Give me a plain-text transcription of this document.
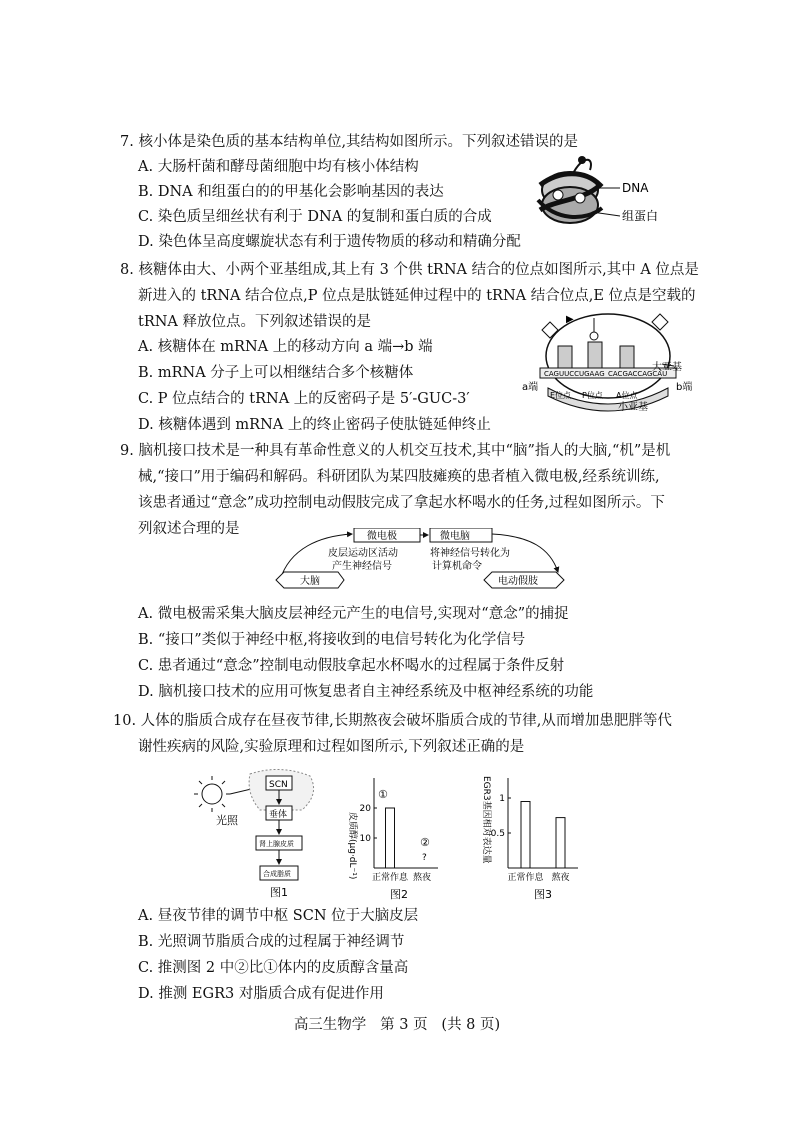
7. 核小体是染色质的基本结构单位,其结构如图所示。下列叙述错误的是
A. 大肠杆菌和酵母菌细胞中均有核小体结构
B. DNA 和组蛋白的的甲基化会影响基因的表达
C. 染色质呈细丝状有利于 DNA 的复制和蛋白质的合成
D. 染色体呈高度螺旋状态有利于遗传物质的移动和精确分配
DNA
组蛋白
8. 核糖体由大、小两个亚基组成,其上有 3 个供 tRNA 结合的位点如图所示,其中 A 位点是
新进入的 tRNA 结合位点,P 位点是肽链延伸过程中的 tRNA 结合位点,E 位点是空载的
tRNA 释放位点。下列叙述错误的是
A. 核糖体在 mRNA 上的移动方向 a 端→b 端
B. mRNA 分子上可以相继结合多个核糖体
C. P 位点结合的 tRNA 上的反密码子是 5′-GUC-3′
D. 核糖体遇到 mRNA 上的终止密码子使肽链延伸终止
CAGUUCCUGAAG CACGACCAGCAU
▶
a端	b端
大亚基
E位点 P位点 A位点
小亚基
9. 脑机接口技术是一种具有革命性意义的人机交互技术,其中“脑”指人的大脑,“机”是机
械,“接口”用于编码和解码。科研团队为某四肢瘫痪的患者植入微电极,经系统训练,
该患者通过“意念”成功控制电动假肢完成了拿起水杯喝水的任务,过程如图所示。下
列叙述合理的是	微电极	微电脑
皮层运动区活动
产生神经信号
将神经信号转化为
计算机命令
大脑	电动假肢
A. 微电极需采集大脑皮层神经元产生的电信号,实现对“意念”的捕捉
B. “接口”类似于神经中枢,将接收到的电信号转化为化学信号
C. 患者通过“意念”控制电动假肢拿起水杯喝水的过程属于条件反射
D. 脑机接口技术的应用可恢复患者自主神经系统及中枢神经系统的功能
10. 人体的脂质合成存在昼夜节律,长期熬夜会破坏脂质合成的节律,从而增加患肥胖等代
谢性疾病的风险,实验原理和过程如图所示,下列叙述正确的是
光照
SCN
垂体
肾上腺皮质
合成脂质
图1
皮质醇(μg·dL⁻¹) 10
20
正常作息 熬夜
①
②
?
图2
EGR3基因相对表达量 0.5
1
正常作息 熬夜
图3
A. 昼夜节律的调节中枢 SCN 位于大脑皮层
B. 光照调节脂质合成的过程属于神经调节
C. 推测图 2 中②比①体内的皮质醇含量高
D. 推测 EGR3 对脂质合成有促进作用
高三生物学   第 3 页   (共 8 页)
